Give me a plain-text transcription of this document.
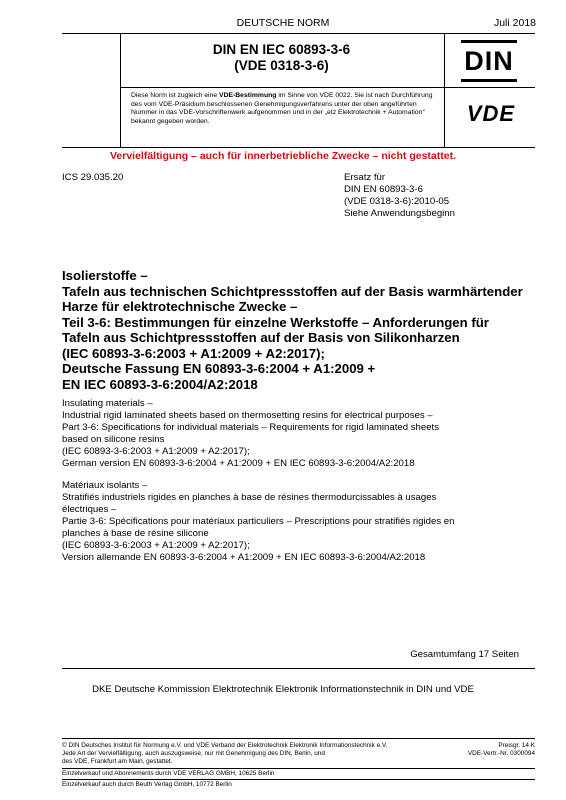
DEUTSCHE NORM	Juli 2018
DIN EN IEC 60893-3-6
(VDE 0318-3-6)	DIN
Diese Norm ist zugleich eine VDE-Bestimmung im Sinne von VDE 0022. Sie ist nach Durchführung des vom VDE-Präsidium beschlossenen Genehmigungsverfahrens unter der oben angeführten Nummer in das VDE-Vorschriftenwerk aufgenommen und in der „etz Elektrotechnik + Automation“ bekannt gegeben worden.	VDE
Vervielfältigung – auch für innerbetriebliche Zwecke – nicht gestattet.
ICS 29.035.20	Ersatz für
DIN EN 60893-3-6
(VDE 0318-3-6):2010-05
Siehe Anwendungsbeginn
Isolierstoffe –
Tafeln aus technischen Schichtpressstoffen auf der Basis warmhärtender
Harze für elektrotechnische Zwecke –
Teil 3-6: Bestimmungen für einzelne Werkstoffe – Anforderungen für
Tafeln aus Schichtpressstoffen auf der Basis von Silikonharzen
(IEC 60893-3-6:2003 + A1:2009 + A2:2017);
Deutsche Fassung EN 60893-3-6:2004 + A1:2009 +
EN IEC 60893-3-6:2004/A2:2018
Insulating materials –
Industrial rigid laminated sheets based on thermosetting resins for electrical purposes –
Part 3-6: Specifications for individual materials – Requirements for rigid laminated sheets
based on silicone resins
(IEC 60893-3-6:2003 + A1:2009 + A2:2017);
German version EN 60893-3-6:2004 + A1:2009 + EN IEC 60893-3-6:2004/A2:2018
Matériaux isolants –
Stratifiés industriels rigides en planches à base de résines thermodurcissables à usages
électriques –
Partie 3-6: Spécifications pour matériaux particuliers – Prescriptions pour stratifiés rigides en
planches à base de résine silicone
(IEC 60893-3-6:2003 + A1:2009 + A2:2017);
Version allemande EN 60893-3-6:2004 + A1:2009 + EN IEC 60893-3-6:2004/A2:2018
Gesamtumfang 17 Seiten
DKE Deutsche Kommission Elektrotechnik Elektronik Informationstechnik in DIN und VDE
© DIN Deutsches Institut für Normung e.V. und VDE Verband der Elektrotechnik Elektronik Informationstechnik e.V.
Jede Art der Vervielfältigung, auch auszugsweise, nur mit Genehmigung des DIN, Berlin, und
des VDE, Frankfurt am Main, gestattet.
Preisgr. 14 K
VDE-Vertr.-Nr. 0300094
Einzelverkauf und Abonnements durch VDE VERLAG GMBH, 10625 Berlin
Einzelverkauf auch durch Beuth Verlag GmbH, 10772 Berlin
